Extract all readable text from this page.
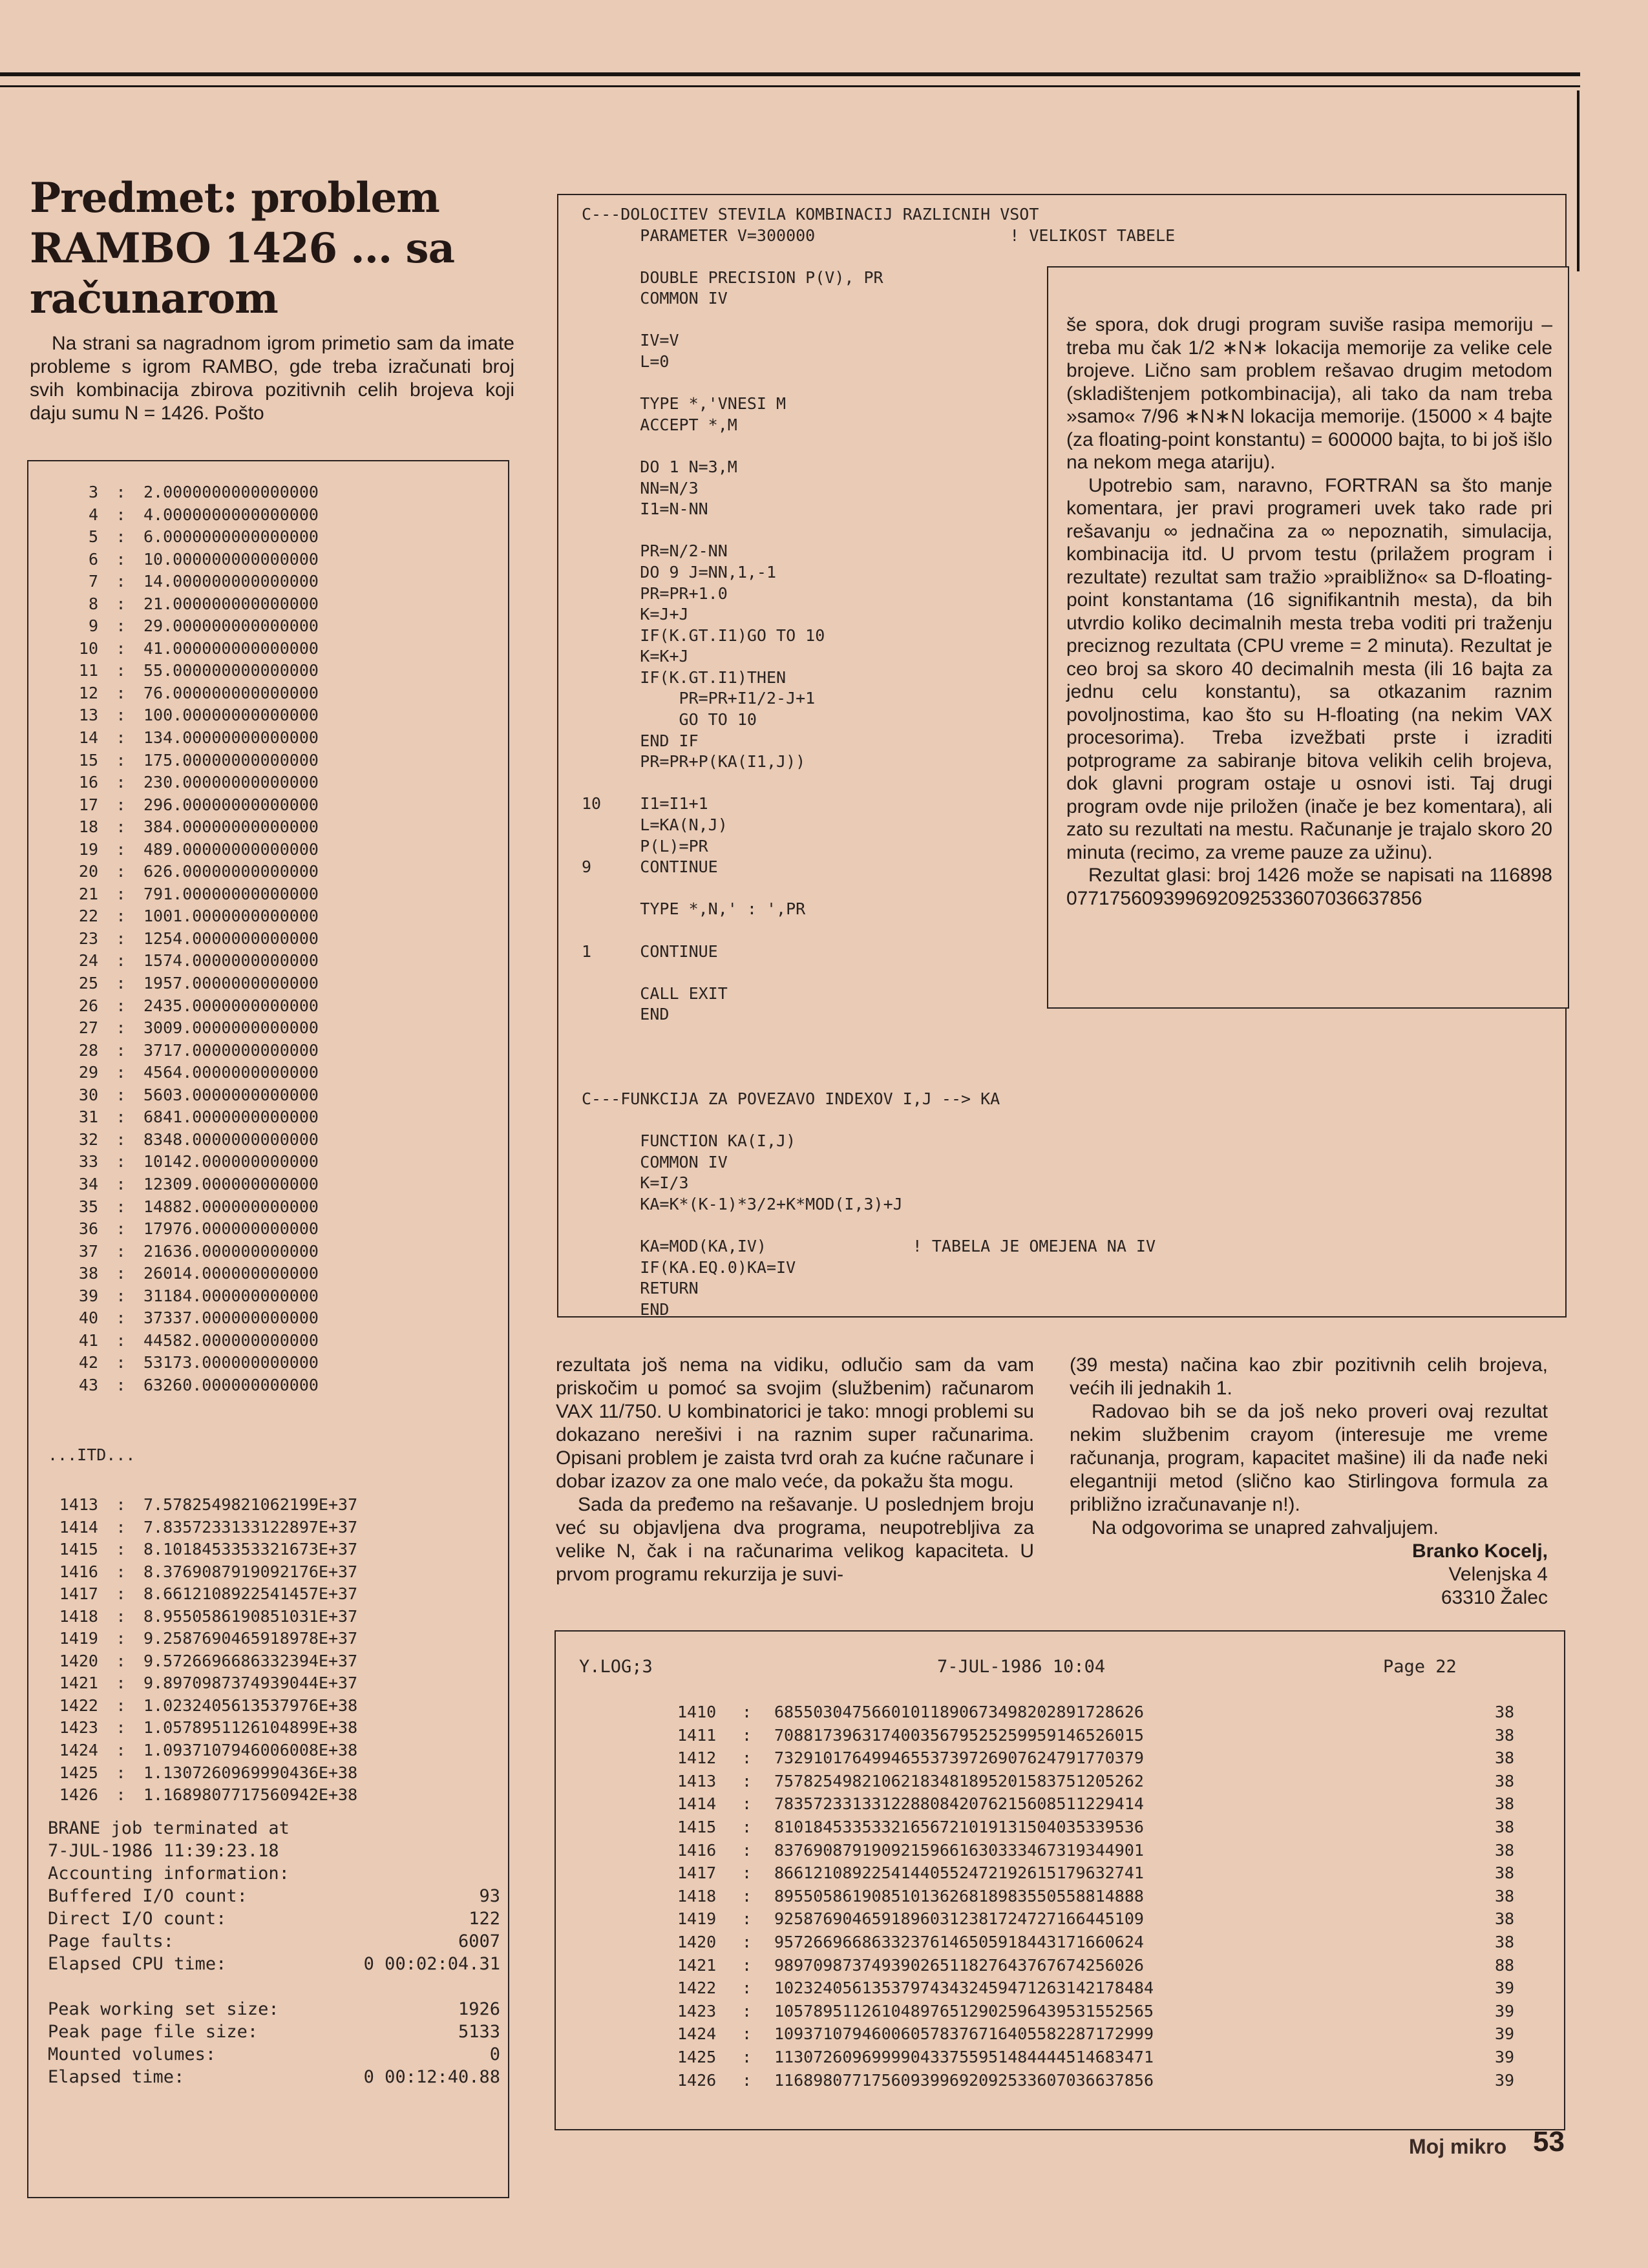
Predmet: problem
RAMBO 1426 ... sa
računarom

Na strani sa nagradnom igrom primetio sam da imate probleme s igrom RAMBO, gde treba izračunati broj svih kombinacija zbirova pozitivnih celih brojeva koji daju sumu N = 1426. Pošto

3 : 2.0000000000000000
4 : 4.0000000000000000
5 : 6.0000000000000000
6 : 10.000000000000000
7 : 14.000000000000000
8 : 21.000000000000000
9 : 29.000000000000000
10 : 41.000000000000000
11 : 55.000000000000000
12 : 76.000000000000000
13 : 100.00000000000000
14 : 134.00000000000000
15 : 175.00000000000000
16 : 230.00000000000000
17 : 296.00000000000000
18 : 384.00000000000000
19 : 489.00000000000000
20 : 626.00000000000000
21 : 791.00000000000000
22 : 1001.0000000000000
23 : 1254.0000000000000
24 : 1574.0000000000000
25 : 1957.0000000000000
26 : 2435.0000000000000
27 : 3009.0000000000000
28 : 3717.0000000000000
29 : 4564.0000000000000
30 : 5603.0000000000000
31 : 6841.0000000000000
32 : 8348.0000000000000
33 : 10142.000000000000
34 : 12309.000000000000
35 : 14882.000000000000
36 : 17976.000000000000
37 : 21636.000000000000
38 : 26014.000000000000
39 : 31184.000000000000
40 : 37337.000000000000
41 : 44582.000000000000
42 : 53173.000000000000
43 : 63260.000000000000
...ITD...
1413 : 7.5782549821062199E+37
1414 : 7.8357233133122897E+37
1415 : 8.1018453353321673E+37
1416 : 8.3769087919092176E+37
1417 : 8.6612108922541457E+37
1418 : 8.9550586190851031E+37
1419 : 9.2587690465918978E+37
1420 : 9.5726696686332394E+37
1421 : 9.8970987374939044E+37
1422 : 1.0232405613537976E+38
1423 : 1.0578951126104899E+38
1424 : 1.0937107946006008E+38
1425 : 1.1307260969990436E+38
1426 : 1.1689807717560942E+38
BRANE job terminated at
7-JUL-1986 11:39:23.18
Accounting information:
Buffered I/O count:	93
Direct I/O count:	122
Page faults:	6007
Elapsed CPU time:	0 00:02:04.31
Peak working set size:	1926
Peak page file size:	5133
Mounted volumes:	0
Elapsed time:	0 00:12:40.88
C---DOLOCITEV STEVILA KOMBINACIJ RAZLICNIH VSOT
PARAMETER V=300000                    ! VELIKOST TABELE
DOUBLE PRECISION P(V), PR
COMMON IV
IV=V
L=0
TYPE *,'VNESI M
ACCEPT *,M
DO 1 N=3,M
NN=N/3
I1=N-NN
PR=N/2-NN
DO 9 J=NN,1,-1
PR=PR+1.0
K=J+J
IF(K.GT.I1)GO TO 10
K=K+J
IF(K.GT.I1)THEN
PR=PR+I1/2-J+1
GO TO 10
END IF
PR=PR+P(KA(I1,J))
10    I1=I1+1
L=KA(N,J)
P(L)=PR
9     CONTINUE
TYPE *,N,' : ',PR
1     CONTINUE
CALL EXIT
END
C---FUNKCIJA ZA POVEZAVO INDEXOV I,J --> KA
FUNCTION KA(I,J)
COMMON IV
K=I/3
KA=K*(K-1)*3/2+K*MOD(I,3)+J
KA=MOD(KA,IV)               ! TABELA JE OMEJENA NA IV
IF(KA.EQ.0)KA=IV
RETURN
END

še spora, dok drugi program suviše rasipa memoriju – treba mu čak 1/2 ∗N∗ lokacija memorije za velike cele brojeve. Lično sam problem rešavao drugim metodom (skladištenjem potkombinacija), ali tako da nam treba »samo« 7/96 ∗N∗N lokacija memorije. (15000 × 4 bajte (za floating-point konstantu) = 600000 bajta, to bi još išlo na nekom mega atariju).

Upotrebio sam, naravno, FORTRAN sa što manje komentara, jer pravi programeri uvek tako rade pri rešavanju ∞ jednačina za ∞ nepoznatih, simulacija, kombinacija itd. U prvom testu (prilažem program i rezultate) rezultat sam tražio »praibližno« sa D-floating-point konstantama (16 signifikantnih mesta), da bih utvrdio koliko decimalnih mesta treba voditi pri traženju preciznog rezultata (CPU vreme = 2 minuta). Rezultat je ceo broj sa skoro 40 decimalnih mesta (ili 16 bajta za jednu celu konstantu), sa otkazanim raznim povoljnostima, kao što su H-floating (na nekim VAX procesorima). Treba izvežbati prste i izraditi potprograme za sabiranje bitova velikih celih brojeva, dok glavni program ostaje u osnovi isti. Taj drugi program ovde nije priložen (inače je bez komentara), ali zato su rezultati na mestu. Računanje je trajalo skoro 20 minuta (recimo, za vreme pauze za užinu).

Rezultat glasi: broj 1426 može se napisati na 116898077175609399692092533607036637856

rezultata još nema na vidiku, odlučio sam da vam priskočim u pomoć sa svojim (službenim) računarom VAX 11/750. U kombinatorici je tako: mnogi problemi su dokazano nerešivi i na raznim super računarima. Opisani problem je zaista tvrd orah za kućne računare i dobar izazov za one malo veće, da pokažu šta mogu.

Sada da pređemo na rešavanje. U poslednjem broju već su objavljena dva programa, neupotrebljiva za velike N, čak i na računarima velikog kapaciteta. U prvom programu rekurzija je suvi-

(39 mesta) načina kao zbir pozitivnih celih brojeva, većih ili jednakih 1.

Radovao bih se da još neko proveri ovaj rezultat nekim službenim crayom (interesuje me vreme računanja, program, kapacitet mašine) ili da nađe neki elegantniji metod (slično kao Stirlingova formula za približno izračunavanje n!).

Na odgovorima se unapred zahvaljujem.

Branko Kocelj,

Velenjska 4

63310 Žalec

Y.LOG;3	7-JUL-1986 10:04	Page 22
1410 : 68550304756601011890673498202891728626	38
1411 : 70881739631740035679525259959146526015	38
1412 : 73291017649946553739726907624791770379	38
1413 : 75782549821062183481895201583751205262	38
1414 : 78357233133122880842076215608511229414	38
1415 : 81018453353321656721019131504035339536	38
1416 : 83769087919092159661630333467319344901	38
1417 : 86612108922541440552472192615179632741	38
1418 : 89550586190851013626818983550558814888	38
1419 : 92587690465918960312381724727166445109	38
1420 : 95726696686332376146505918443171660624	38
1421 : 98970987374939026511827643767674256026	88
1422 : 102324056135379743432459471263142178484	39
1423 : 105789511261048976512902596439531552565	39
1424 : 109371079460060578376716405582287172999	39
1425 : 113072609699990433755951484444514683471	39
1426 : 116898077175609399692092533607036637856	39
Moj mikro 53
